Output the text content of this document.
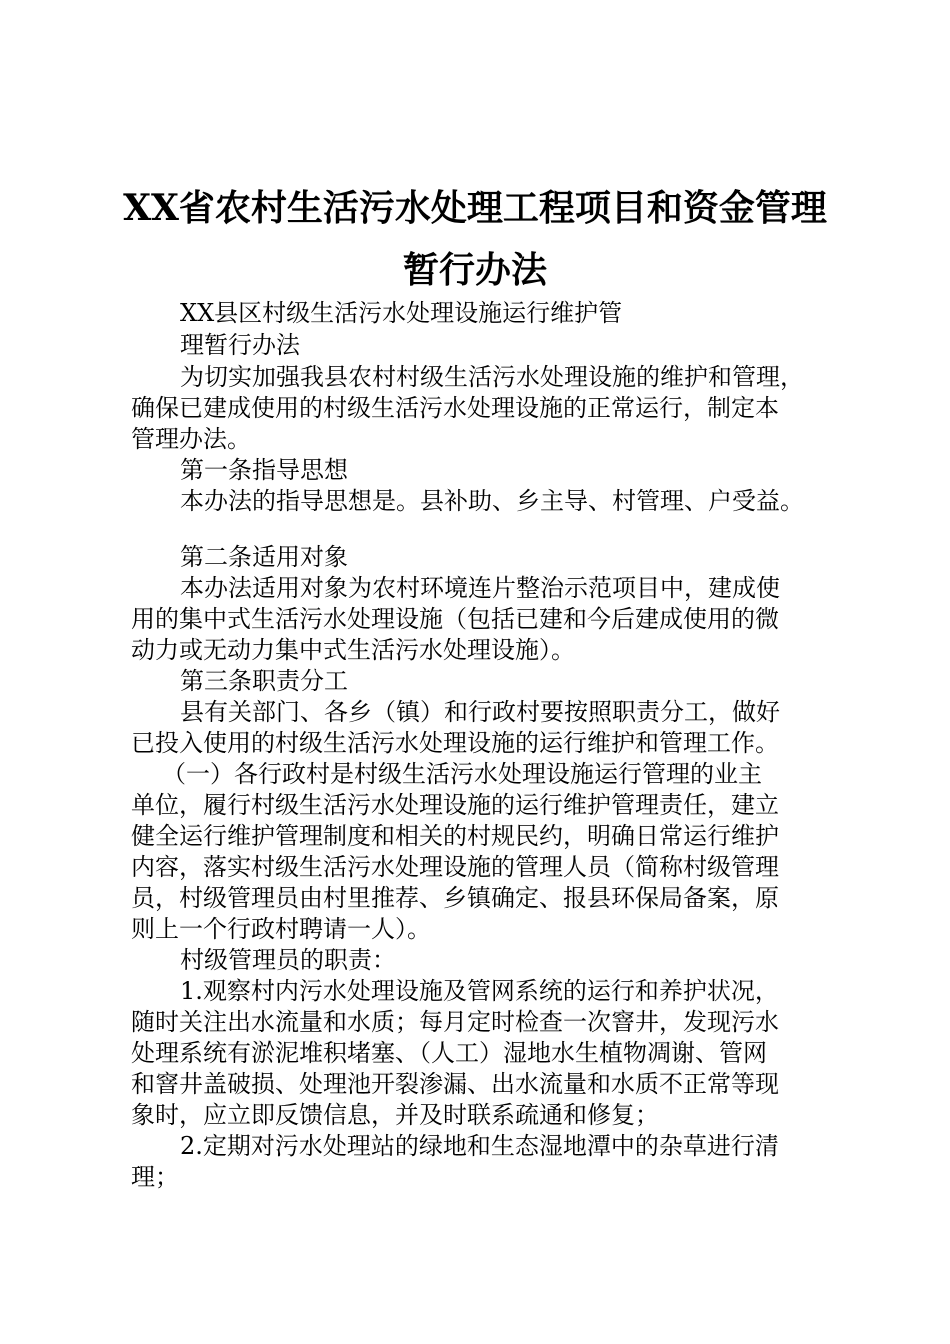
XX省农村生活污水处理工程项目和资金管理
暂行办法
XX县区村级生活污水处理设施运行维护管
理暂行办法
为切实加强我县农村村级生活污水处理设施的维护和管理，
确保已建成使用的村级生活污水处理设施的正常运行，制定本
管理办法。
第一条指导思想
本办法的指导思想是。县补助、乡主导、村管理、户受益。
第二条适用对象
本办法适用对象为农村环境连片整治示范项目中，建成使
用的集中式生活污水处理设施（包括已建和今后建成使用的微
动力或无动力集中式生活污水处理设施）。
第三条职责分工
县有关部门、各乡（镇）和行政村要按照职责分工，做好
已投入使用的村级生活污水处理设施的运行维护和管理工作。
（一）各行政村是村级生活污水处理设施运行管理的业主
单位，履行村级生活污水处理设施的运行维护管理责任，建立
健全运行维护管理制度和相关的村规民约，明确日常运行维护
内容，落实村级生活污水处理设施的管理人员（简称村级管理
员，村级管理员由村里推荐、乡镇确定、报县环保局备案，原
则上一个行政村聘请一人）。
村级管理员的职责：
1.观察村内污水处理设施及管网系统的运行和养护状况，
随时关注出水流量和水质；每月定时检查一次窨井，发现污水
处理系统有淤泥堆积堵塞、（人工）湿地水生植物凋谢、管网
和窨井盖破损、处理池开裂渗漏、出水流量和水质不正常等现
象时，应立即反馈信息，并及时联系疏通和修复；
2.定期对污水处理站的绿地和生态湿地潭中的杂草进行清
理；
